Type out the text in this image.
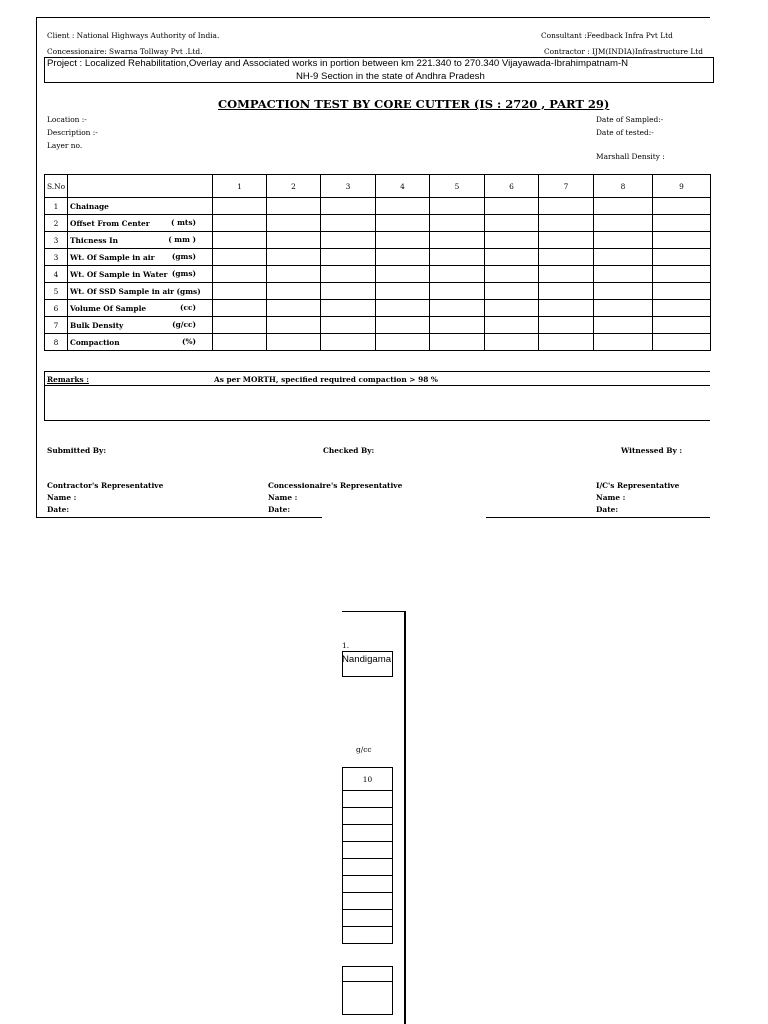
Client : National Highways Authority of India.	Consultant :Feedback Infra Pvt Ltd
Concessionaire: Swarna Tollway Pvt .Ltd.	Contractor : IJM(INDIA)Infrastructure Ltd
Project : Localized Rehabilitation,Overlay and Associated works in portion between km 221.340 to 270.340 Vijayawada-Ibrahimpatnam-N
NH-9 Section in the state of Andhra Pradesh
COMPACTION TEST BY CORE CUTTER (IS : 2720 , PART 29)
Location :-
Description :-
Layer no.
Date of Sampled:-
Date of tested:-
Marshall Density :
S.No		1	2	3	4	5	6	7	8	9	
1	Chainage										
2	Offset From Center ( mts)										

3	Thicness In ( mm )										

3	Wt. Of Sample in air (gms)										

4	Wt. Of Sample in Water (gms)										

5	Wt. Of SSD Sample in air (gms)										
6	Volume Of Sample (cc)										

7	Bulk Density (g/cc)										

8	Compaction (%)										

Remarks :	As per MORTH, specified required compaction > 98 %
Submitted By:	Checked By:	Witnessed By :
Contractor's Representative	Concessionaire's Representative	I/C's Representative
Name :	Name :	Name :
Date:	Date:	Date:
1.
Nandigama
g/cc
10
